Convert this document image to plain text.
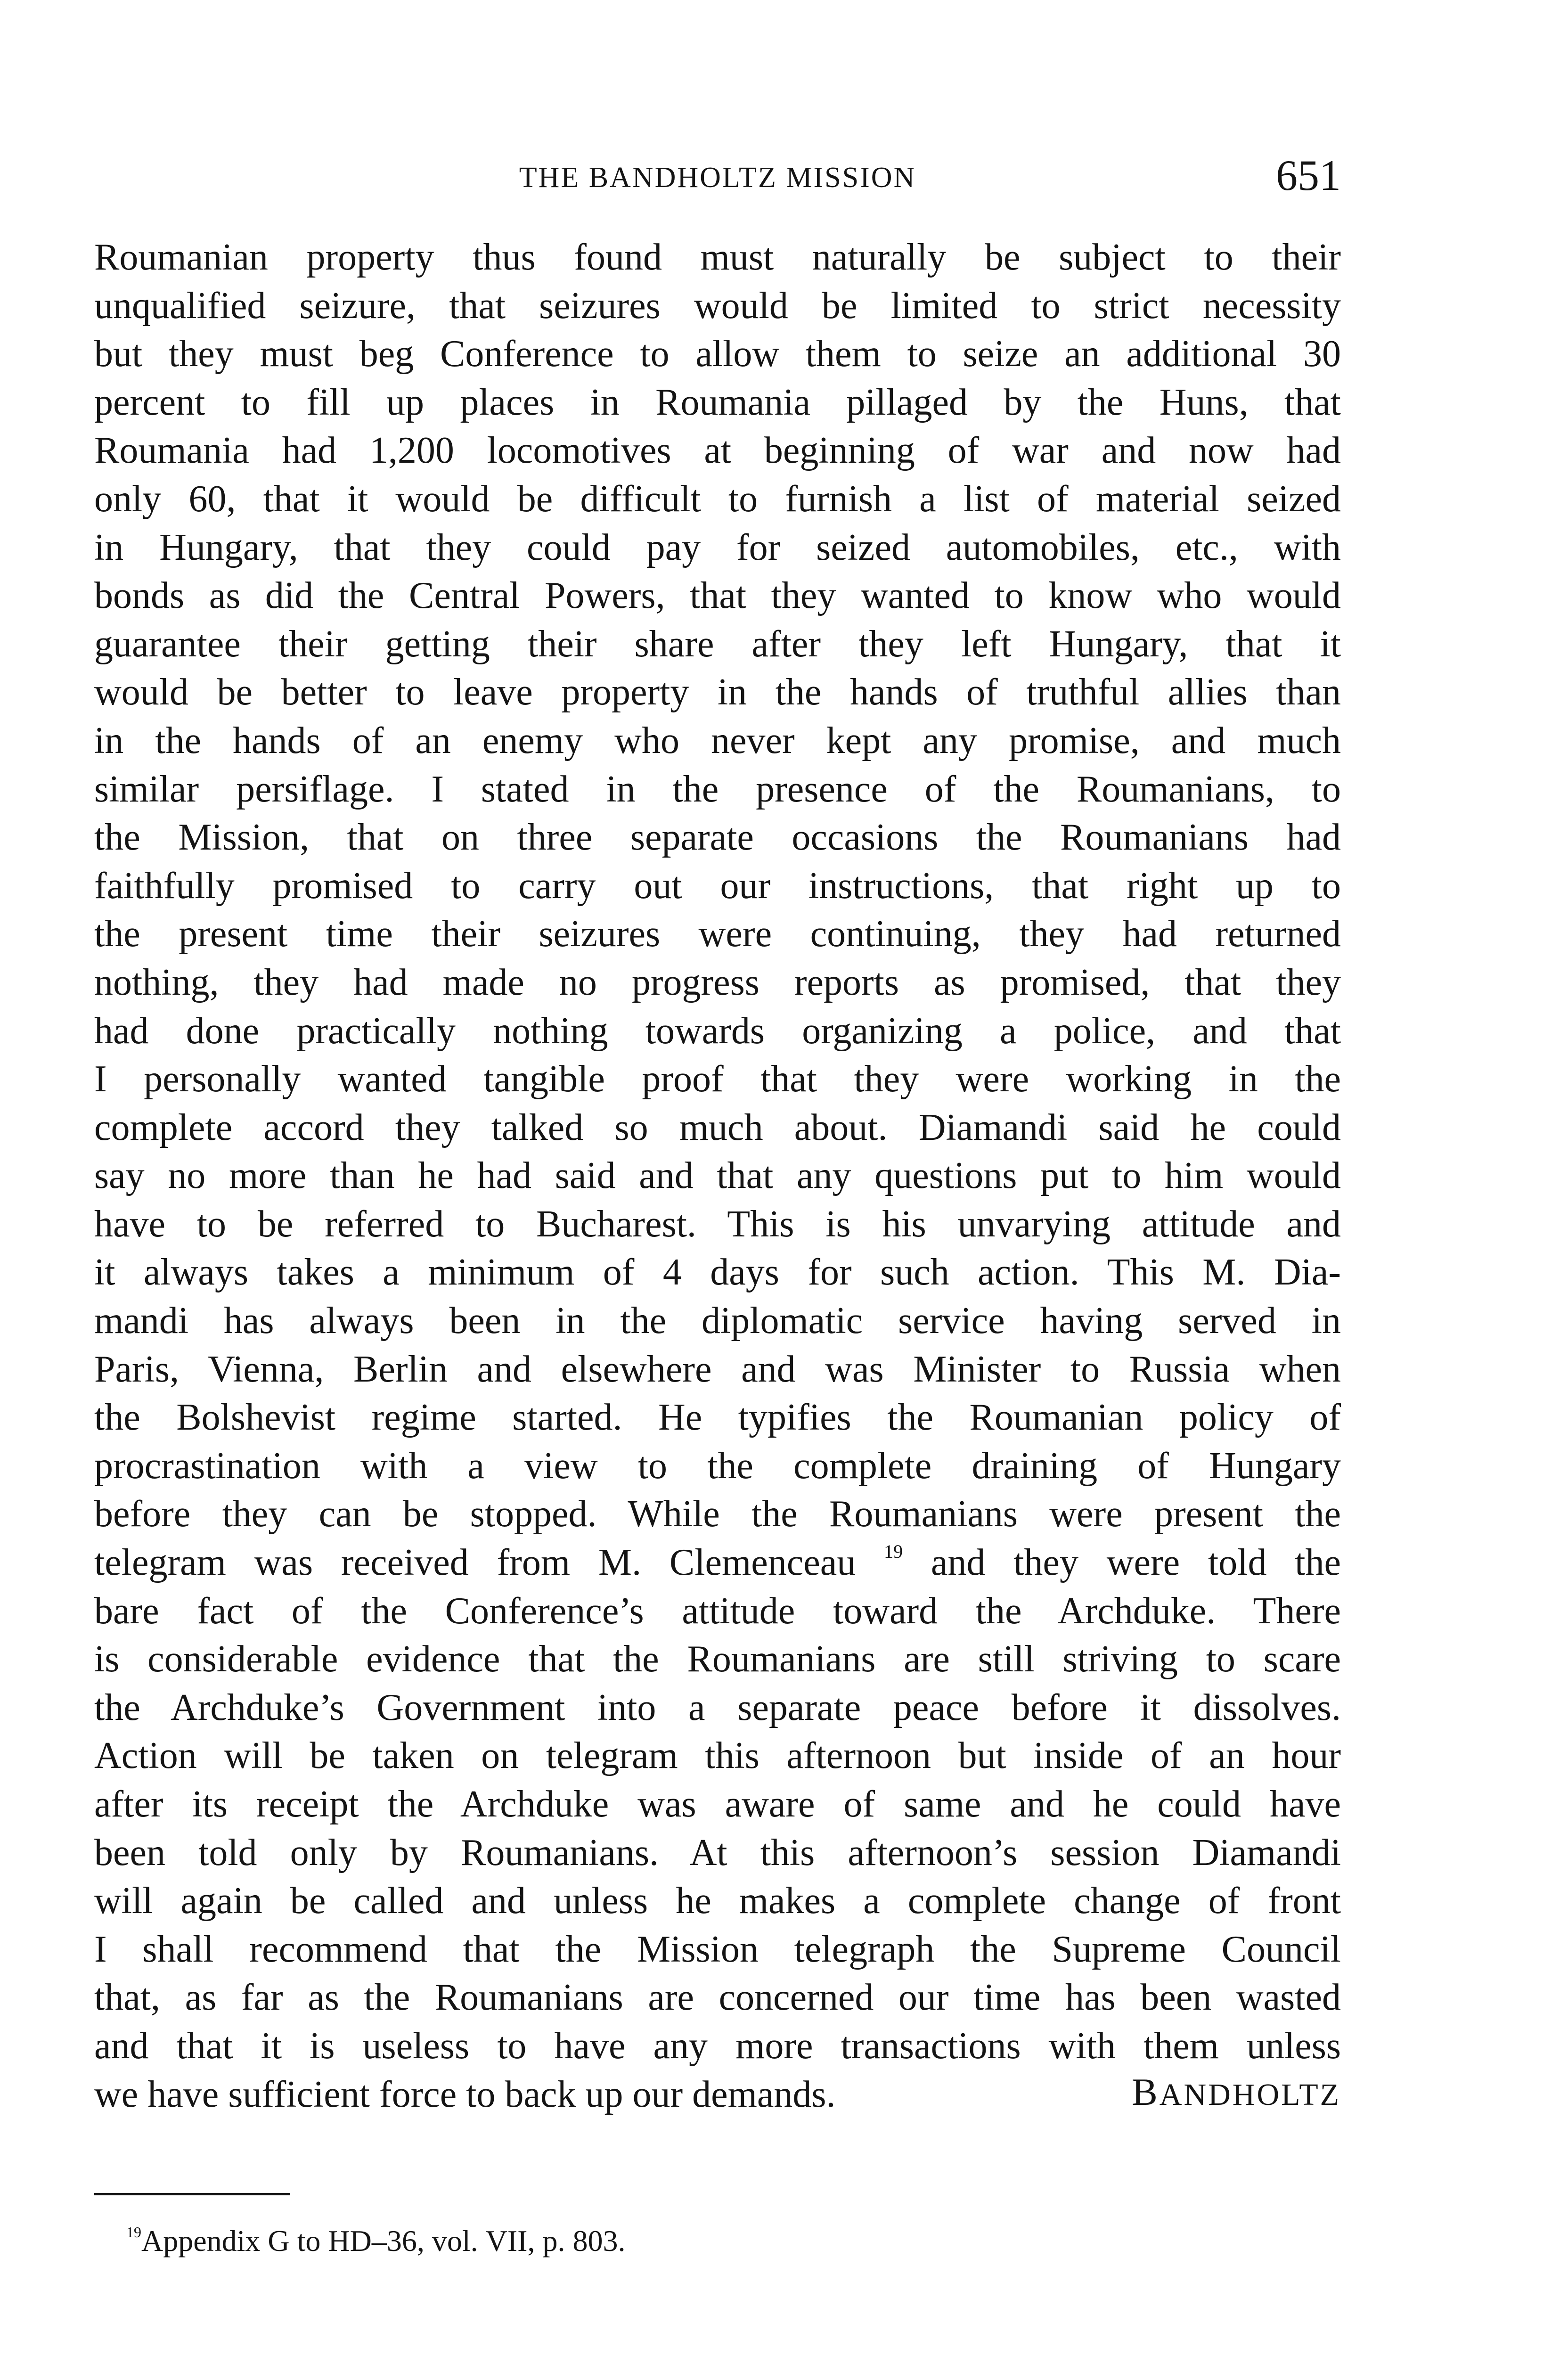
THE BANDHOLTZ MISSION	651
Roumanian property thus found must naturally be subject to their
unqualified seizure, that seizures would be limited to strict necessity
but they must beg Conference to allow them to seize an additional 30
percent to fill up places in Roumania pillaged by the Huns, that
Roumania had 1,200 locomotives at beginning of war and now had
only 60, that it would be difficult to furnish a list of material seized
in Hungary, that they could pay for seized automobiles, etc., with
bonds as did the Central Powers, that they wanted to know who would
guarantee their getting their share after they left Hungary, that it
would be better to leave property in the hands of truthful allies than
in the hands of an enemy who never kept any promise, and much
similar persiflage. I stated in the presence of the Roumanians, to
the Mission, that on three separate occasions the Roumanians had
faithfully promised to carry out our instructions, that right up to
the present time their seizures were continuing, they had returned
nothing, they had made no progress reports as promised, that they
had done practically nothing towards organizing a police, and that
I personally wanted tangible proof that they were working in the
complete accord they talked so much about. Diamandi said he could
say no more than he had said and that any questions put to him would
have to be referred to Bucharest. This is his unvarying attitude and
it always takes a minimum of 4 days for such action. This M. Dia-
mandi has always been in the diplomatic service having served in
Paris, Vienna, Berlin and elsewhere and was Minister to Russia when
the Bolshevist regime started. He typifies the Roumanian policy of
procrastination with a view to the complete draining of Hungary
before they can be stopped. While the Roumanians were present the
telegram was received from M. Clemenceau $^{19}$ and they were told the
bare fact of the Conference’s attitude toward the Archduke. There
is considerable evidence that the Roumanians are still striving to scare
the Archduke’s Government into a separate peace before it dissolves.
Action will be taken on telegram this afternoon but inside of an hour
after its receipt the Archduke was aware of same and he could have
been told only by Roumanians. At this afternoon’s session Diamandi
will again be called and unless he makes a complete change of front
I shall recommend that the Mission telegraph the Supreme Council
that, as far as the Roumanians are concerned our time has been wasted
and that it is useless to have any more transactions with them unless
we have sufficient force to back up our demands.	BANDHOLTZ
$^{19}$Appendix G to HD–36, vol. VII, p. 803.
